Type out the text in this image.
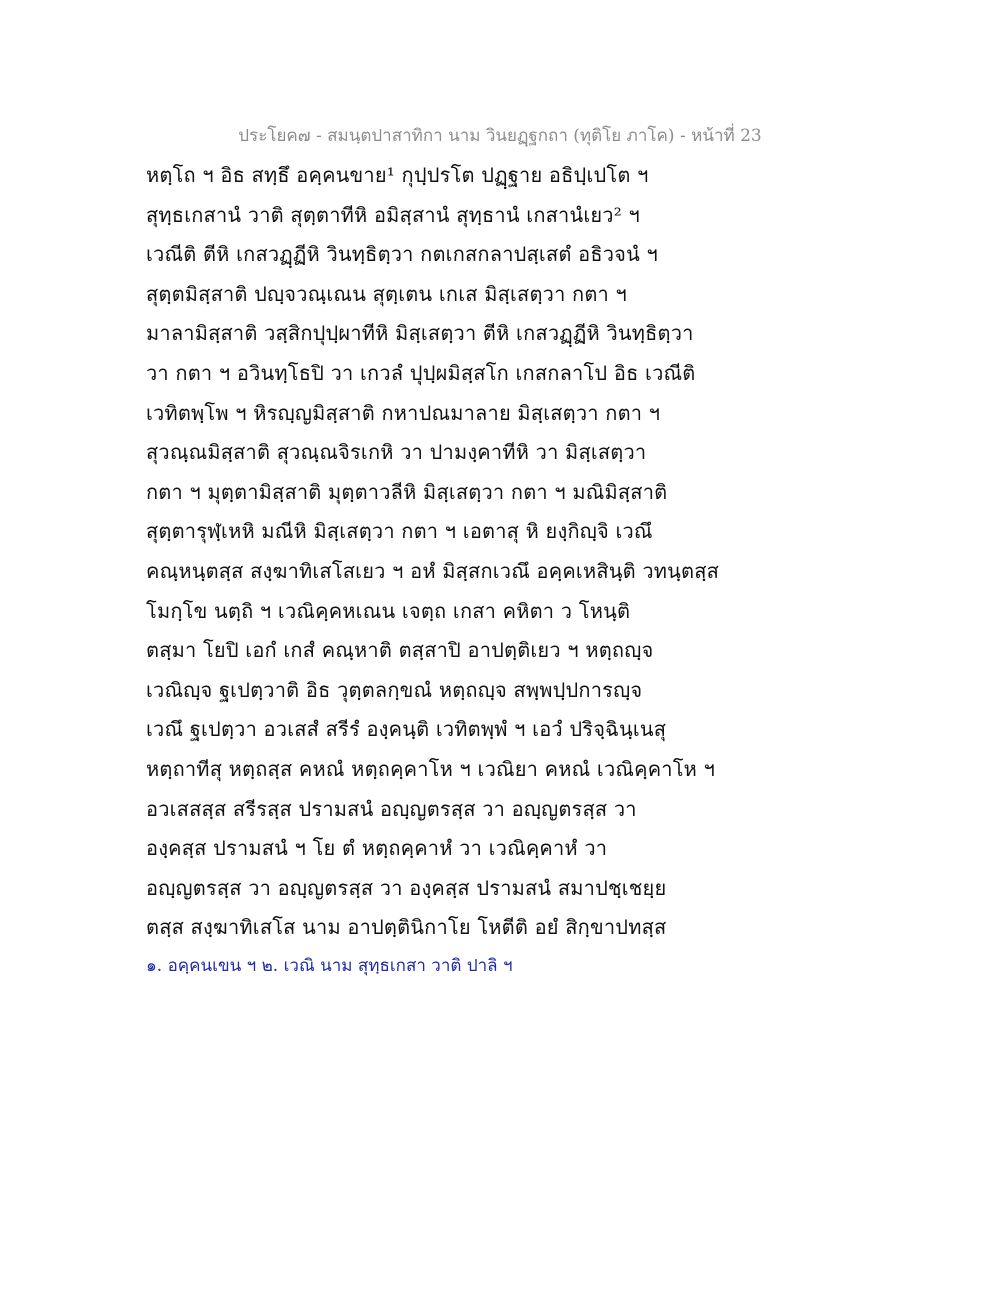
ประโยค๗ - สมนฺตปาสาทิกา นาม วินยฏฺฐกถา (ทุติโย ภาโค) - หน้าที่ 23
หตฺโถ ฯ อิธ สทฺธึ อคฺคนขาย¹ กุปฺปรโต ปฏฺฐาย อธิปฺเปโต ฯ
สุทฺธเกสานํ วาติ สุตฺตาทีหิ อมิสฺสานํ สุทฺธานํ เกสานํเยว² ฯ
เวณีติ ตีหิ เกสวฏฺฏีหิ วินทฺธิตฺวา กตเกสกลาปสฺเสตํ อธิวจนํ ฯ
สุตฺตมิสฺสาติ ปญฺจวณฺเณน สุตฺเตน เกเส มิสฺเสตฺวา กตา ฯ
มาลามิสฺสาติ วสฺสิกปุปฺผาทีหิ มิสฺเสตฺวา ตีหิ เกสวฏฺฏีหิ วินทฺธิตฺวา
วา กตา ฯ อวินทฺโธปิ วา เกวลํ ปุปฺผมิสฺสโก เกสกลาโป อิธ เวณีติ
เวทิตพฺโพ ฯ หิรญฺญมิสฺสาติ กหาปณมาลาย มิสฺเสตฺวา กตา ฯ
สุวณฺณมิสฺสาติ สุวณฺณจิรเกหิ วา ปามงฺคาทีหิ วา มิสฺเสตฺวา
กตา ฯ มุตฺตามิสฺสาติ มุตฺตาวลีหิ มิสฺเสตฺวา กตา ฯ มณิมิสฺสาติ
สุตฺตารุฬฺเหหิ มณีหิ มิสฺเสตฺวา กตา ฯ เอตาสุ หิ ยงฺกิญฺจิ เวณึ
คณฺหนฺตสฺส สงฺฆาทิเสโสเยว ฯ อหํ มิสฺสกเวณึ อคฺคเหสินฺติ วทนฺตสฺส
โมกฺโข นตฺถิ ฯ เวณิคฺคหเณน เจตฺถ เกสา คหิตา ว โหนฺติ
ตสฺมา โยปิ เอกํ เกสํ คณฺหาติ ตสฺสาปิ อาปตฺติเยว ฯ หตฺถญฺจ
เวณิญฺจ ฐเปตฺวาติ อิธ วุตฺตลกฺขณํ หตฺถญฺจ สพฺพปฺปการญฺจ
เวณึ ฐเปตฺวา อวเสสํ สรีรํ องฺคนฺติ เวทิตพฺพํ ฯ เอวํ ปริจฺฉินฺเนสุ
หตฺถาทีสุ หตฺถสฺส คหณํ หตฺถคฺคาโห ฯ เวณิยา คหณํ เวณิคฺคาโห ฯ
อวเสสสฺส สรีรสฺส ปรามสนํ อญฺญตรสฺส วา อญฺญตรสฺส วา
องฺคสฺส ปรามสนํ ฯ โย ตํ หตฺถคฺคาหํ วา เวณิคฺคาหํ วา
อญฺญตรสฺส วา อญฺญตรสฺส วา องฺคสฺส ปรามสนํ สมาปชฺเชยฺย
ตสฺส สงฺฆาทิเสโส นาม อาปตฺตินิกาโย โหตีติ อยํ สิกฺขาปทสฺส
๑. อคฺคนเขน ฯ ๒. เวณิ นาม สุทฺธเกสา วาติ ปาลิ ฯ
